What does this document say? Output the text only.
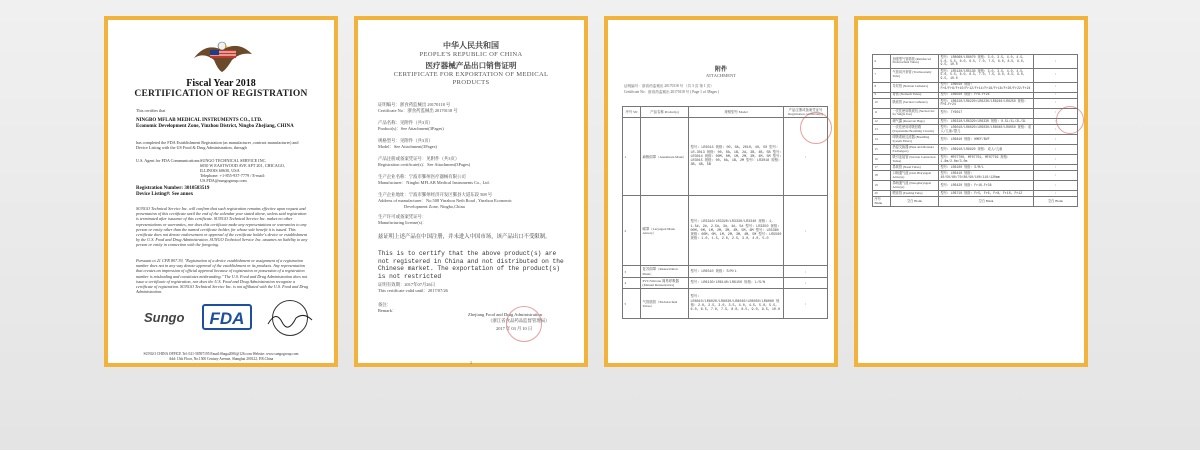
Fiscal Year 2018
CERTIFICATION OF REGISTRATION
This certifies that
NINGBO MFLAB MEDICAL INSTRUMENTS CO., LTD.
Economic Development Zone, Yinzhou District, Ningbo Zhejiang, CHINA
has completed the FDA Establishment Registration (as manufacturer ,contract manufacturer) and Device Listing with the US Food & Drug Administration, through
U.S. Agent for FDA Communications: SUNGO TECHNICAL SERVICE INC.
6050 W EASTWOOD AVE APT 201, CHICAGO,
ILLINOIS 60630, USA
Telephone: +1-855-937-7779 / E-mail: US.FDA@sungogroup.com
Registration Number: 3010583519
Device Listing#: See annex
SUNGO Technical Service Inc. will confirm that such registration remains effective upon request and presentation of this certificate until the end of the calendar year stated above, unless said registration is terminated after issuance of this certificate. SUNGO Technical Service Inc. makes no other representations or warranties, nor does this certificate make any representations or warranties to any person or entity other than the named certificate holder, for whose sole benefit it is issued. This certificate does not denote endorsement or approval of the certificate holder's device or establishment by the U.S. Food and Drug Administration. SUNGO Technical Service Inc. assumes no liability to any person or entity in connection with the foregoing.
Pursuant to 21 CFR 807.39, "Registration of a device establishment or assignment of a registration number does not in any way denote approval of the establishment or its products. Any representation that creates an impression of official approval because of registration or possession of a registration number is misleading and constitutes misbranding." The U.S. Food and Drug Administration does not issue a certificate of registration, nor does the U.S. Food and Drug Administration recognize a certificate of registration. SUNGO Technical Service Inc. is not affiliated with the U.S. Food and Drug Administration.
Sungo	FDA
SUNGO CHINA OFFICE Tel: 021-58597195 Email:Shaga2006@126.com Website: www.sungogroup.com
Add: 13th Floor, No.1500 Century Avenue, Shanghai 200122, P.R.China
中华人民共和国
PEOPLE'S REPUBLIC OF CHINA
医疗器械产品出口销售证明
CERTIFICATE FOR EXPORTATION OF MEDICAL PRODUCTS
证明编号：浙食药监械出 20170118 号
Certificate No：浙食药监械出 20170118 号
产品名称：见附件（共3页）
Product(s)：See Attachment(3Pages)
规格型号：见附件（共3页）
Model：See Attachment(3Pages)
产品注册或备案凭证号：见附件（共3页）
Registration certificate(s)：See Attachment(3Pages)
生产企业名称：宁波市鄞州医疗器械有限公司
Manufacturer：Ningbo MFLAB Medical Instruments Co., Ltd.
生产企业地址：宁波市鄞州经济开发区鄞县大道东段 508 号
Address of manufacturer：No.508 Yinzhou Neth Road , Yinzhou Economic
Development Zone, Ningbo,China
生产许可或备案凭证号：
Manufacturing license(s)：
兹证明上述产品在中国注册，并未进入中国市场，该产品出口不受限制。
This is to certify that the above product(s) are not registered in China and not distributed on the Chinese market. The exportation of the product(s) is not restricted
证明有效期：2017年07月26日
This certificate valid until：2017/07/26
备注：
Remark：
Zhejiang Food and Drug Administration
（浙江省食品药品监督管理局）
2017 年 03 月 10 日
1
附件
ATTACHMENT
证明编号：浙食药监械出 20170118 号 （共 3 页 第 1 页）
Certificate No：浙食药监械出 20170118 号 ( Page 1 of 3Pages )
序号 SN	产品名称 Product(s)	规格型号 Model	产品注册或备案凭证号 Registration certificate(s)
1	麻醉面罩（Anesthesia Mask）	型号: LR3013 规格: 00, 0A, 2010, 40, 50 型号: LR-3013 规格: 00, 0A, 1B, 2A, 3B, 4B, 5B 型号: LR3014 规格: 00M, 0M, 1M, 2M, 3M, 4M, 5M 型号: LR3015 规格: 00, 0A, 1B, 2M 型号: LR3018 规格: 3B, 4B, 5B	/
2	喉罩（Laryngeal Mask Airway）	型号: LR3310/LR3320/LR3330/LR3340 规格: 1, 1.5#, 2#, 2.5#, 3#, 4#, 5# 型号: LR3350 规格: 00M, 0M, 1M, 2M, 3M, 4M, 5M, 6M 型号: LR3360 规格: 00M, 0M, 1M, 2M, 3M, 4M, 5M 型号: LR5500 规格: 1.0, 1.5, 2.0, 2.5, 3.0, 4.0, 5.0	/
3	复苏面罩（Resuscitation Mask）	型号: LR6510 规格: S/M/L	/
4	PVC/Silicone 简易呼吸器 (Manual Resuscitators)	型号: LR6130/LR6140/LR6150 规格: L/S/N	/
5	气管插管（Endotracheal Tubes）	型号: LR8010/LR8020/LR8030/LR8040/LR8050/LR8060 规格: 2.0, 2.5, 3.0, 3.5, 4.0, 4.5, 5.0, 5.5, 6.0, 6.5, 7.0, 7.5, 8.0, 8.5, 9.0, 9.5, 10.0	/
6	加强型气管插管 (Reinforced Endotracheal Tubes)	型号: LR8060/LR8070 规格: 3.0, 3.5, 4.0, 4.5, 5.0, 5.5, 6.0, 6.5, 7.0, 7.5, 8.0, 8.5, 9.0, 9.5, 10.0	/
7	气管切开套管 (Tracheostomy Tube)	型号: LR5120/LR5130 规格: 3.0, 3.5, 4.0, 4.5, 5.0, 5.5, 6.0, 6.5, 7.0, 7.5, 8.0, 8.5, 9.0, 9.5, 10.0	/
8	导尿管 (Nelaton Catheters)	型号: LR6010 规格: Fr6/Fr8/Fr10/Fr12/Fr14/Fr16/Fr18/Fr20/Fr22/Fr24	/
9	胃管 (Stomach Tubes)	型号: LR6020 规格: Fr6-Fr24	/
10	吸痰管 (Suction Catheters)	型号: LR6210/LR6220/LR6230/LR6240/LR6250 规格: Fr6-Fr24	/
11	一次性使用吸痰包 (Suction Set for Single Use)	型号: TY6017	/
12	储气囊 (Reservoir Bags)	型号: LR6310/LR6320/LR6330 规格: 0.5L/1L/2L/3L	/
13	一次性使用呼吸回路 (Expandable Breathing Circuits)	型号: LR6010/LR6020/LR6030/LR6040/LR6050 规格: 成人/儿童/婴儿	/
14	呼吸系统过滤器 (Breathing System Filters)	型号: LR6810 规格: HMEF/BVF	/
15	热湿交换器 (Heat and Moisture Exchangers)	型号: LR6910/LR6920 规格: 成人/儿童	/
16	吸引连接管 (Suction Connection Tubes)	型号: MF07700, MF07701, MF07702 规格: 1.8m/2.0m/3.0m	/
17	鼻氧管 (Nasal Tubes)	型号: LR6100 规格: S/M/L	/
18	口咽通气道 (Oral Pharyngeal Airways)	型号: LR6410 规格: 40/50/60/70/80/90/100/110/120mm	/
19	鼻咽通气道 (Nasopharyngeal Airways)	型号: LR6420 规格: Fr16-Fr36	/
20	喂食管 (Feeding Tube)	型号: LR6710 规格: Fr5, Fr6, Fr8, Fr10, Fr12	/
序号 Blank	空白 Blank	空白 Blank	空白 Blank
